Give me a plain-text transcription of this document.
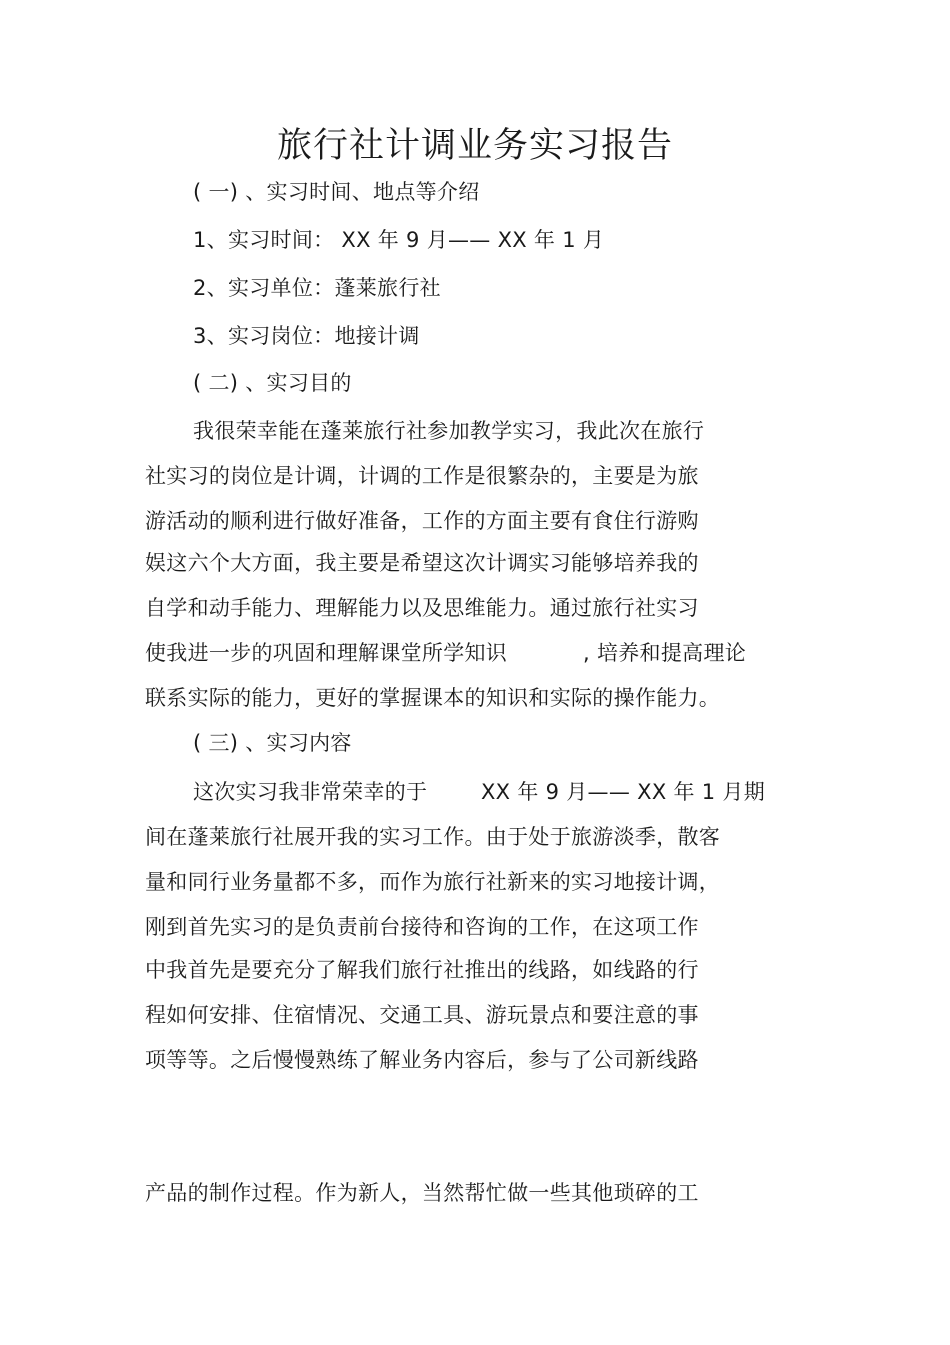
旅行社计调业务实习报告
( 一) 、实习时间、地点等介绍
1、实习时间： XX 年 9 月—— XX 年 1 月
2、实习单位：蓬莱旅行社
3、实习岗位：地接计调
( 二) 、实习目的
我很荣幸能在蓬莱旅行社参加教学实习，我此次在旅行
社实习的岗位是计调，计调的工作是很繁杂的，主要是为旅
游活动的顺利进行做好准备，工作的方面主要有食住行游购
娱这六个大方面，我主要是希望这次计调实习能够培养我的
自学和动手能力、理解能力以及思维能力。通过旅行社实习
使我进一步的巩固和理解课堂所学知识	, 培养和提高理论
联系实际的能力，更好的掌握课本的知识和实际的操作能力。
( 三) 、实习内容
这次实习我非常荣幸的于	XX 年 9 月—— XX 年 1 月期
间在蓬莱旅行社展开我的实习工作。由于处于旅游淡季，散客
量和同行业务量都不多，而作为旅行社新来的实习地接计调，
刚到首先实习的是负责前台接待和咨询的工作，在这项工作
中我首先是要充分了解我们旅行社推出的线路，如线路的行
程如何安排、住宿情况、交通工具、游玩景点和要注意的事
项等等。之后慢慢熟练了解业务内容后，参与了公司新线路
产品的制作过程。作为新人，当然帮忙做一些其他琐碎的工
